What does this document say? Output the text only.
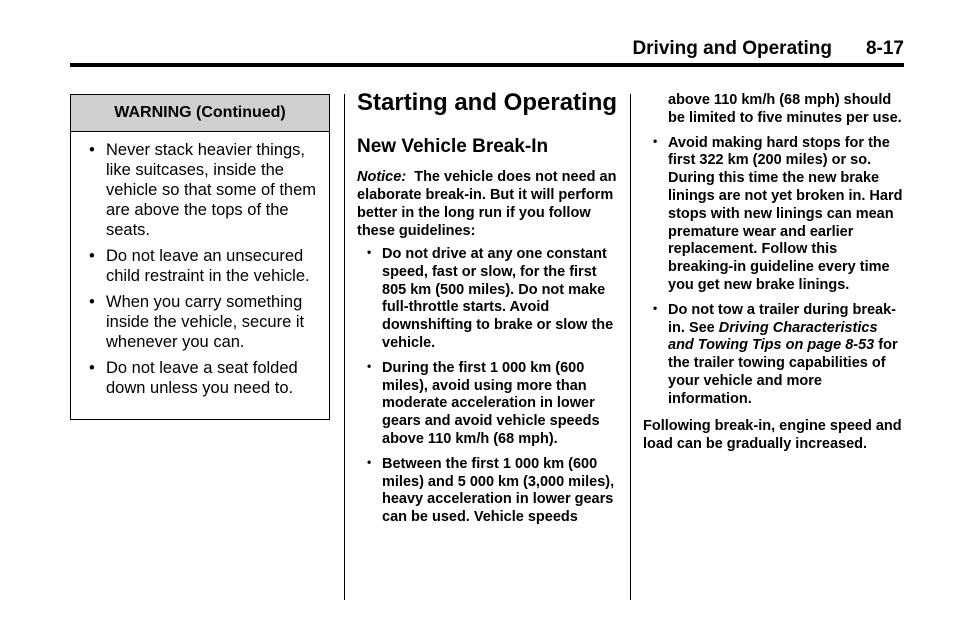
Driving and Operating 8-17
WARNING (Continued)
• Never stack heavier things, like suitcases, inside the vehicle so that some of them are above the tops of the seats.
• Do not leave an unsecured child restraint in the vehicle.
• When you carry something inside the vehicle, secure it whenever you can.
• Do not leave a seat folded down unless you need to.
Starting and Operating
New Vehicle Break-In

Notice: The vehicle does not need an elaborate break-in. But it will perform better in the long run if you follow these guidelines:

• Do not drive at any one constant speed, fast or slow, for the first 805 km (500 miles). Do not make full-throttle starts. Avoid downshifting to brake or slow the vehicle.
• During the first 1 000 km (600 miles), avoid using more than moderate acceleration in lower gears and avoid vehicle speeds above 110 km/h (68 mph).
• Between the first 1 000 km (600 miles) and 5 000 km (3,000 miles), heavy acceleration in lower gears can be used. Vehicle speeds

above 110 km/h (68 mph) should be limited to five minutes per use.

• Avoid making hard stops for the first 322 km (200 miles) or so. During this time the new brake linings are not yet broken in. Hard stops with new linings can mean premature wear and earlier replacement. Follow this breaking-in guideline every time you get new brake linings.
• Do not tow a trailer during break-in. See Driving Characteristics and Towing Tips on page 8-53 for the trailer towing capabilities of your vehicle and more information.

Following break-in, engine speed and load can be gradually increased.
